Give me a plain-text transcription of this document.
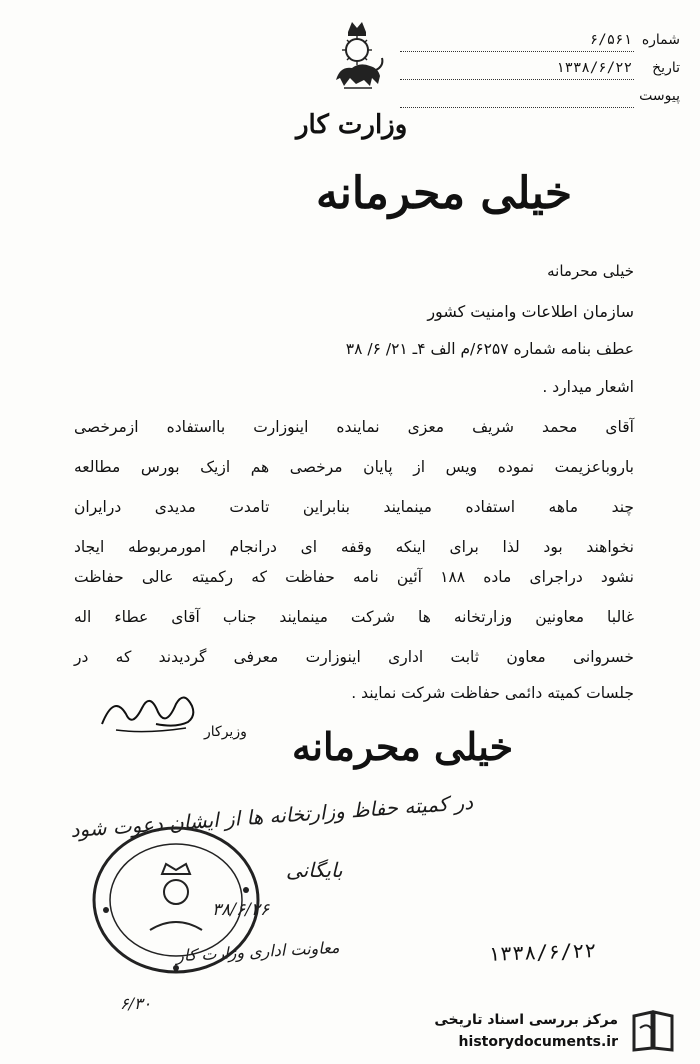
شماره
۶/۵۶۱
تاریخ
۱۳۳۸/۶/۲۲
پیوست
وزارت کار
خیلی محرمانه
خیلی محرمانه
سازمان اطلاعات وامنیت کشور
عطف بنامه شماره ۶۲۵۷/م الف ۴ـ ۲۱/ ۶/ ۳۸
اشعار میدارد .
آقای محمد شریف معزی نماینده اینوزارت بااستفاده ازمرخصی
باروباعزیمت نموده ویس از پایان مرخصی هم ازیک بورس مطالعه
چند ماهه استفاده مینمایند بنابراین تامدت مدیدی درایران
نخواهند بود لذا برای اینکه وقفه ای درانجام امورمربوطه ایجاد
نشود دراجرای ماده ۱۸۸ آئین نامه حفاظت که رکمیته عالی حفاظت
غالبا معاونین وزارتخانه ها شرکت مینمایند جناب آقای عطاء اله
خسروانی معاون ثابت اداری اینوزارت معرفی گردیدند که در
جلسات کمیته دائمی حفاظت شرکت نمایند .
وزیرکار خیلی محرمانه
در کمیته حفاظ وزارتخانه ها از ایشان دعوت شود
بایگانی
۳۸/۶/۲۶
معاونت اداری وزارت کار
۶/۳۰
۱۳۳۸/۶/۲۲
مرکز بررسی اسناد تاریخی
historydocuments.ir
